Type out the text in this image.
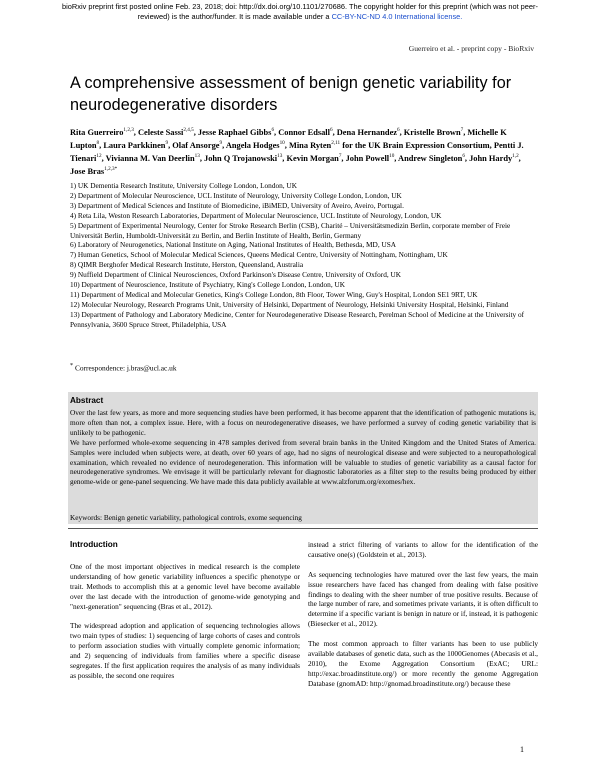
bioRxiv preprint first posted online Feb. 23, 2018; doi: http://dx.doi.org/10.1101/270686. The copyright holder for this preprint (which was not peer-reviewed) is the author/funder. It is made available under a CC-BY-NC-ND 4.0 International license.
Guerreiro et al. - preprint copy - BioRxiv
A comprehensive assessment of benign genetic variability for neurodegenerative disorders

Rita Guerreiro$^{1,2,3}$, Celeste Sassi$^{2,4,5}$, Jesse Raphael Gibbs$^6$, Connor Edsall$^6$, Dena Hernandez$^6$, Kristelle Brown$^7$, Michelle K Lupton$^8$, Laura Parkkinen$^9$, Olaf Ansorge$^9$, Angela Hodges$^{10}$, Mina Ryten$^{2,11}$ for the UK Brain Expression Consortium, Pentti J. Tienari$^{12}$, Vivianna M. Van Deerlin$^{13}$, John Q Trojanowski$^{13}$, Kevin Morgan$^7$, John Powell$^{10}$, Andrew Singleton$^6$, John Hardy$^{1,2}$, Jose Bras$^{1,2,3*}$

1) UK Dementia Research Institute, University College London, London, UK
2) Department of Molecular Neuroscience, UCL Institute of Neurology, University College London, London, UK
3) Department of Medical Sciences and Institute of Biomedicine, iBiMED, University of Aveiro, Aveiro, Portugal.
4) Reta Lila, Weston Research Laboratories, Department of Molecular Neuroscience, UCL Institute of Neurology, London, UK
5) Department of Experimental Neurology, Center for Stroke Research Berlin (CSB), Charité – Universitätsmedizin Berlin, corporate member of Freie Universität Berlin, Humboldt-Universität zu Berlin, and Berlin Institute of Health, Berlin, Germany
6) Laboratory of Neurogenetics, National Institute on Aging, National Institutes of Health, Bethesda, MD, USA
7) Human Genetics, School of Molecular Medical Sciences, Queens Medical Centre, University of Nottingham, Nottingham, UK
8) QIMR Berghofer Medical Research Institute, Herston, Queensland, Australia
9) Nuffield Department of Clinical Neurosciences, Oxford Parkinson's Disease Centre, University of Oxford, UK
10) Department of Neuroscience, Institute of Psychiatry, King's College London, London, UK
11) Department of Medical and Molecular Genetics, King's College London, 8th Floor, Tower Wing, Guy's Hospital, London SE1 9RT, UK
12) Molecular Neurology, Research Programs Unit, University of Helsinki, Department of Neurology, Helsinki University Hospital, Helsinki, Finland
13) Department of Pathology and Laboratory Medicine, Center for Neurodegenerative Disease Research, Perelman School of Medicine at the University of Pennsylvania, 3600 Spruce Street, Philadelphia, USA
* Correspondence: j.bras@ucl.ac.uk
Abstract

Over the last few years, as more and more sequencing studies have been performed, it has become apparent that the identification of pathogenic mutations is, more often than not, a complex issue. Here, with a focus on neurodegenerative diseases, we have performed a survey of coding genetic variability that is unlikely to be pathogenic.

We have performed whole-exome sequencing in 478 samples derived from several brain banks in the United Kingdom and the United States of America. Samples were included when subjects were, at death, over 60 years of age, had no signs of neurological disease and were subjected to a neuropathological examination, which revealed no evidence of neurodegeneration. This information will be valuable to studies of genetic variability as a causal factor for neurodegenerative syndromes. We envisage it will be particularly relevant for diagnostic laboratories as a filter step to the results being produced by either genome-wide or gene-panel sequencing. We have made this data publicly available at www.alzforum.org/exomes/hex.

Keywords: Benign genetic variability, pathological controls, exome sequencing

Introduction

One of the most important objectives in medical research is the complete understanding of how genetic variability influences a specific phenotype or trait. Methods to accomplish this at a genomic level have become available over the last decade with the introduction of genome-wide genotyping and "next-generation" sequencing (Bras et al., 2012).

The widespread adoption and application of sequencing technologies allows two main types of studies: 1) sequencing of large cohorts of cases and controls to perform association studies with virtually complete genomic information; and 2) sequencing of individuals from families where a specific disease segregates. If the first application requires the analysis of as many individuals as possible, the second one requires

instead a strict filtering of variants to allow for the identification of the causative one(s) (Goldstein et al., 2013).

As sequencing technologies have matured over the last few years, the main issue researchers have faced has changed from dealing with false positive findings to dealing with the sheer number of true positive results. Because of the large number of rare, and sometimes private variants, it is often difficult to determine if a specific variant is benign in nature or if, instead, it is pathogenic (Biesecker et al., 2012).

The most common approach to filter variants has been to use publicly available databases of genetic data, such as the 1000Genomes (Abecasis et al., 2010), the Exome Aggregation Consortium (ExAC; URL: http://exac.broadinstitute.org/) or more recently the genome Aggregation Database (gnomAD: http://gnomad.broadinstitute.org/) because these

1
